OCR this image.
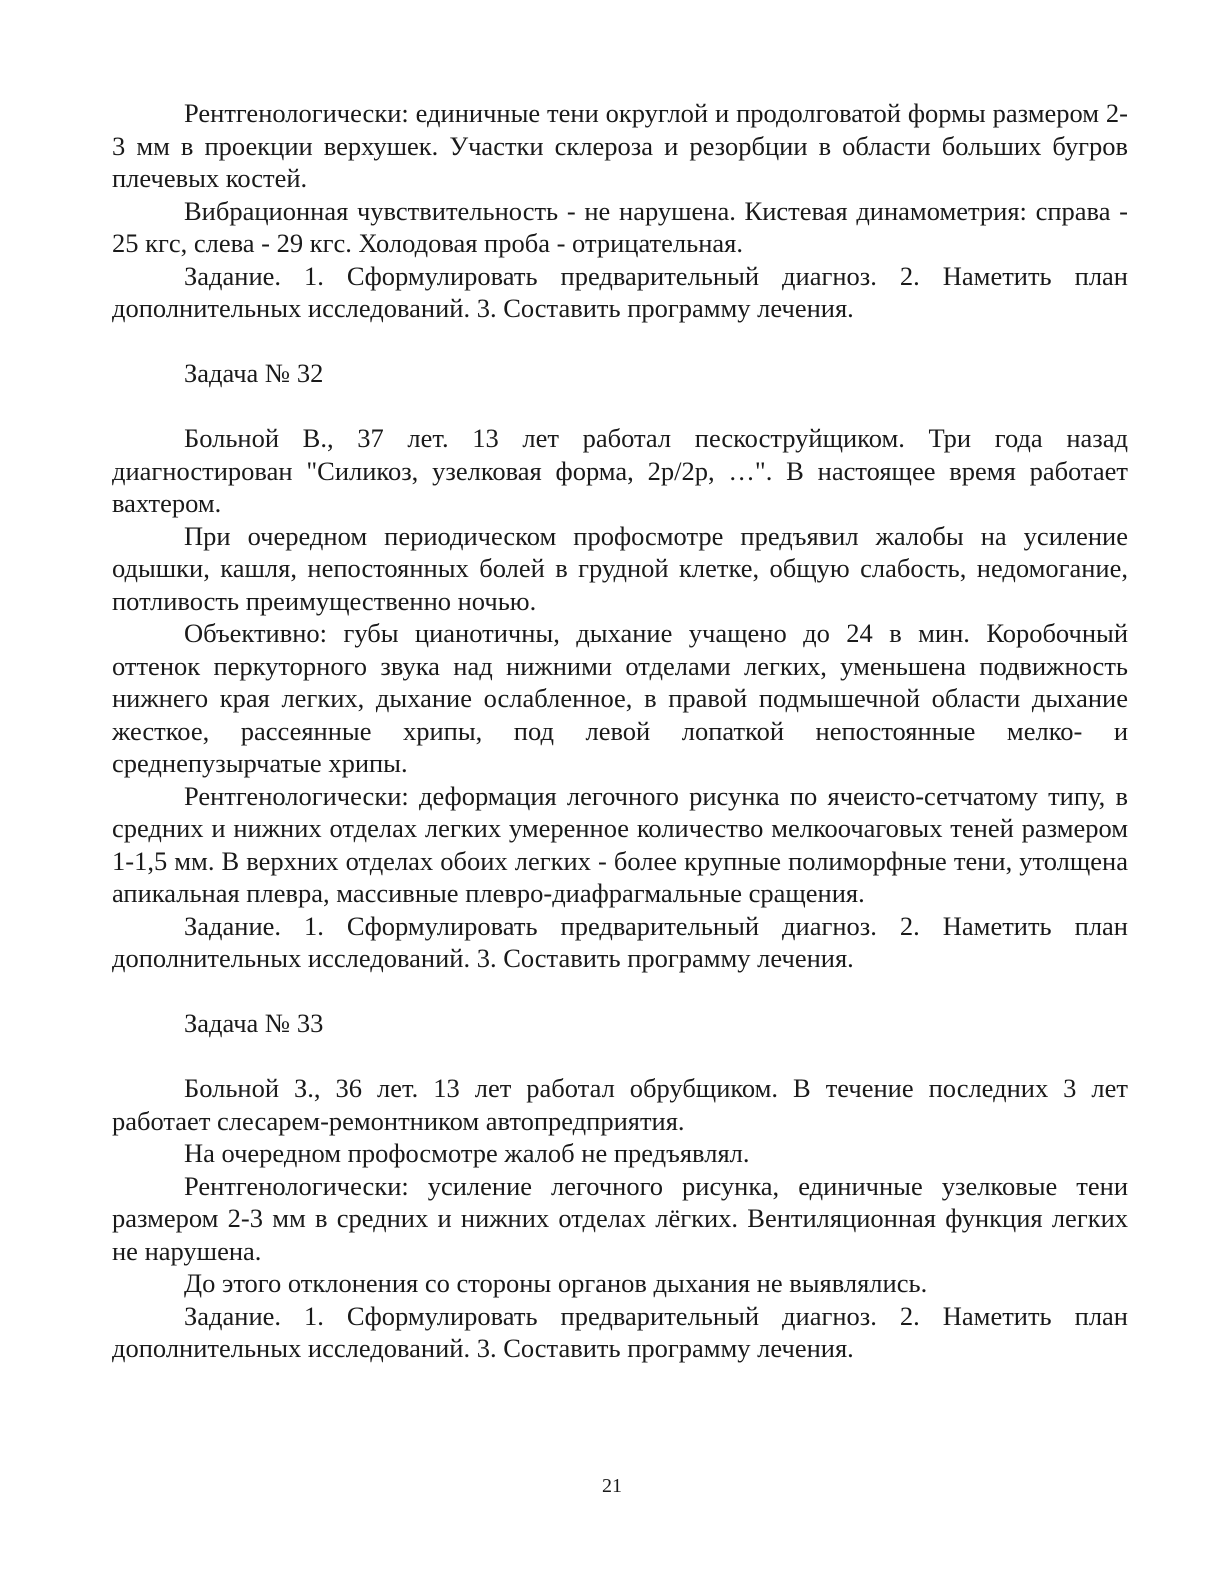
Рентгенологически: единичные тени округлой и продолговатой формы размером 2-3 мм в проекции верхушек. Участки склероза и резорбции в области больших бугров плечевых костей.

Вибрационная чувствительность - не нарушена. Кистевая динамометрия: справа - 25 кгс, слева - 29 кгс. Холодовая проба - отрицательная.

Задание. 1. Сформулировать предварительный диагноз. 2. Наметить план дополнительных исследований. 3. Составить программу лечения.

Задача № 32

Больной В., 37 лет. 13 лет работал пескоструйщиком. Три года назад диагностирован "Силикоз, узелковая форма, 2р/2р, …". В настоящее время работает вахтером.

При очередном периодическом профосмотре предъявил жалобы на усиление одышки, кашля, непостоянных болей в грудной клетке, общую слабость, недомогание, потливость преимущественно ночью.

Объективно: губы цианотичны, дыхание учащено до 24 в мин. Коробочный оттенок перкуторного звука над нижними отделами легких, уменьшена подвижность нижнего края легких, дыхание ослабленное, в правой подмышечной области дыхание жесткое, рассеянные хрипы, под левой лопаткой непостоянные мелко- и среднепузырчатые хрипы.

Рентгенологически: деформация легочного рисунка по ячеисто-сетчатому типу, в средних и нижних отделах легких умеренное количество мелкоочаговых теней размером 1-1,5 мм. В верхних отделах обоих легких - более крупные полиморфные тени, утолщена апикальная плевра, массивные плевро-диафрагмальные сращения.

Задание. 1. Сформулировать предварительный диагноз. 2. Наметить план дополнительных исследований. 3. Составить программу лечения.

Задача № 33

Больной З., 36 лет. 13 лет работал обрубщиком. В течение последних 3 лет работает слесарем-ремонтником автопредприятия.

На очередном профосмотре жалоб не предъявлял.

Рентгенологически: усиление легочного рисунка, единичные узелковые тени размером 2-3 мм в средних и нижних отделах лёгких. Вентиляционная функция легких не нарушена.

До этого отклонения со стороны органов дыхания не выявлялись.

Задание. 1. Сформулировать предварительный диагноз. 2. Наметить план дополнительных исследований. 3. Составить программу лечения.

21
